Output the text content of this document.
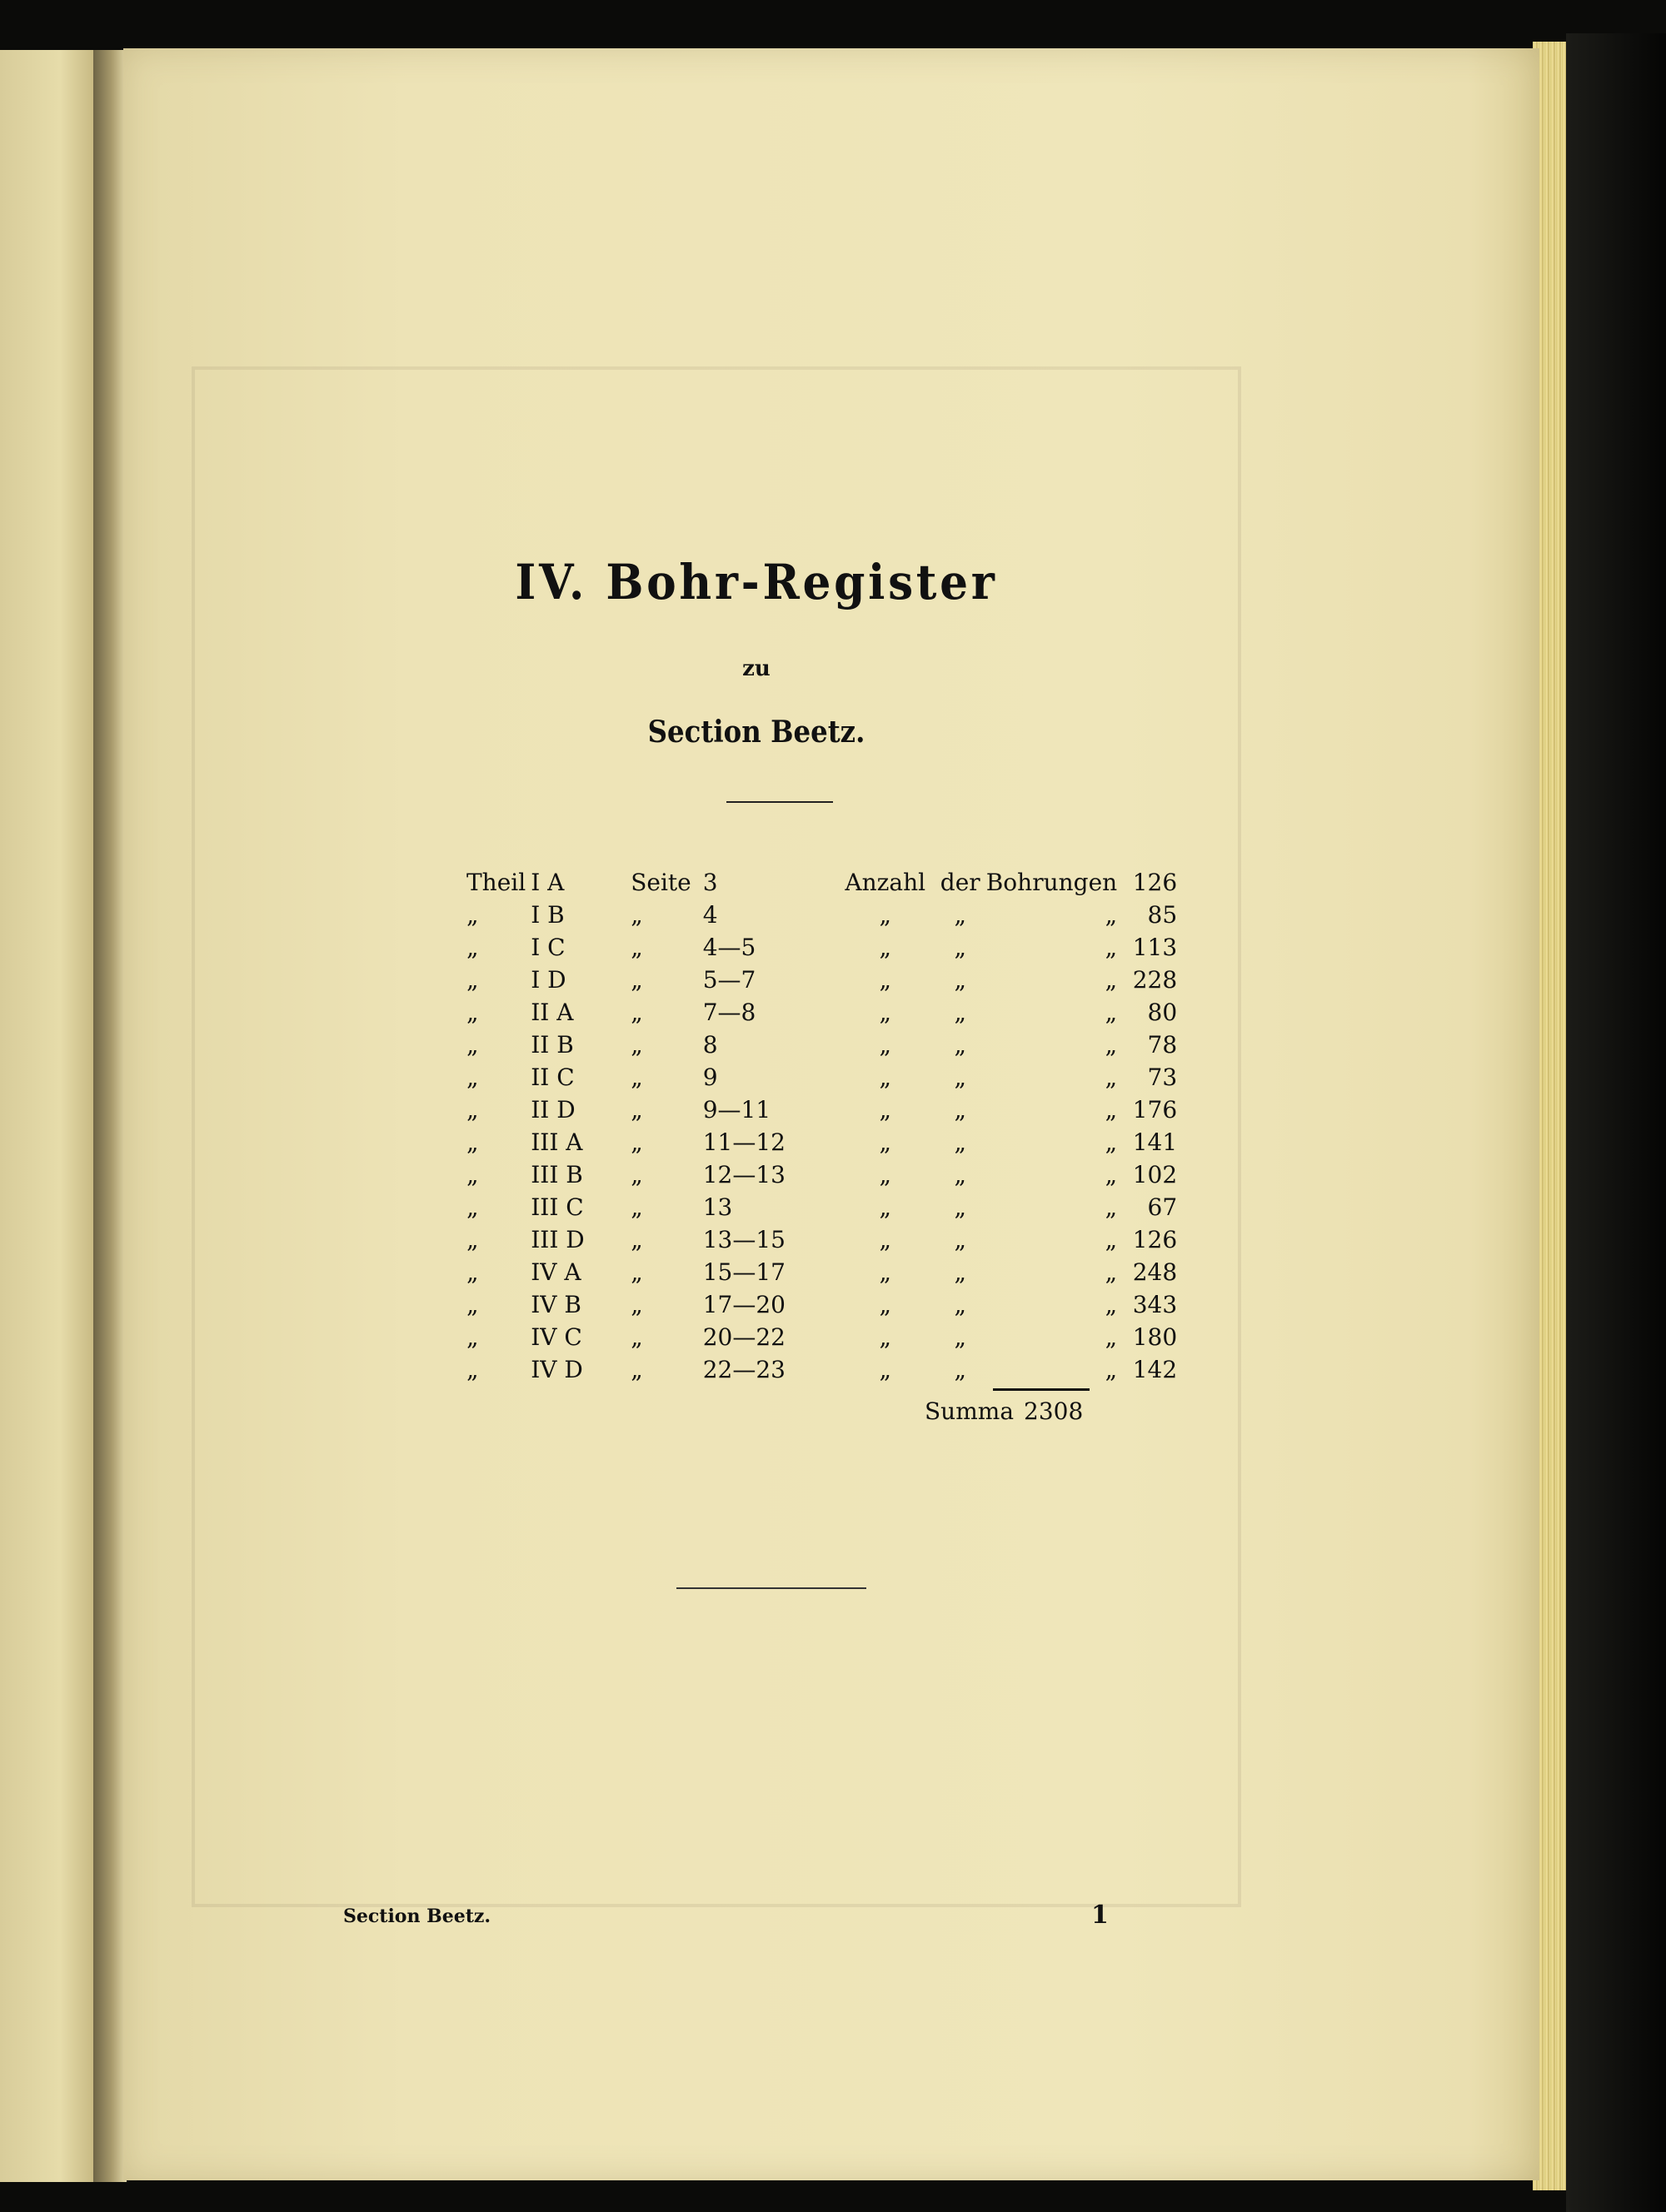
IV. Bohr-Register
zu
Section Beetz.
Theil	I A	Seite	3	Anzahl	der	Bohrungen	126
„	I B	„	4	„	„	„	85
„	I C	„	4—5	„	„	„	113
„	I D	„	5—7	„	„	„	228
„	II A	„	7—8	„	„	„	80
„	II B	„	8	„	„	„	78
„	II C	„	9	„	„	„	73
„	II D	„	9—11	„	„	„	176
„	III A	„	11—12	„	„	„	141
„	III B	„	12—13	„	„	„	102
„	III C	„	13	„	„	„	67
„	III D	„	13—15	„	„	„	126
„	IV A	„	15—17	„	„	„	248
„	IV B	„	17—20	„	„	„	343
„	IV C	„	20—22	„	„	„	180
„	IV D	„	22—23	„	„	„	142
Summa 2308
Section Beetz.	1
